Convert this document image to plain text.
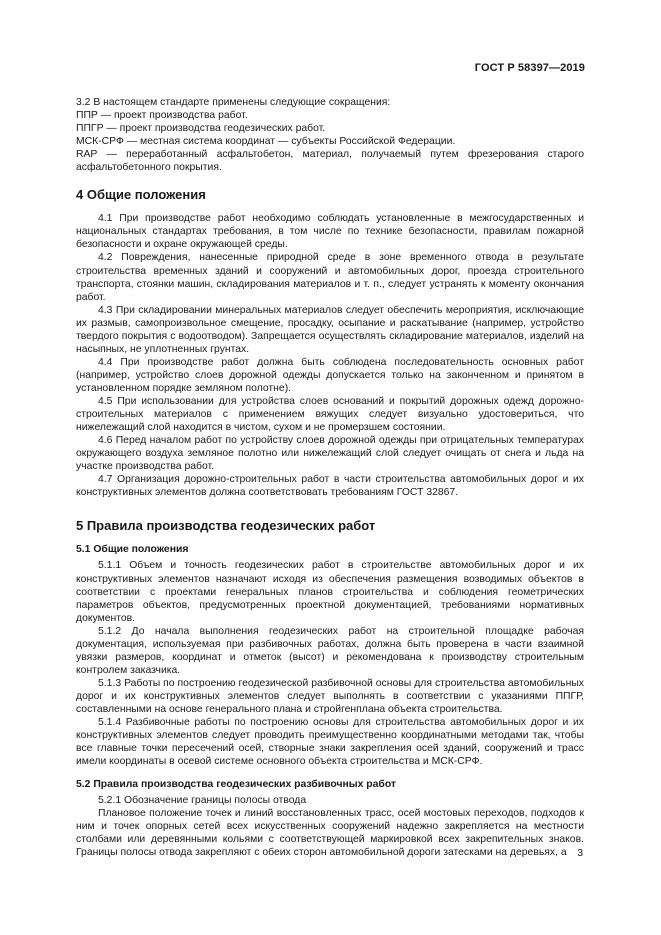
ГОСТ Р 58397—2019

3.2 В настоящем стандарте применены следующие сокращения:

ППР — проект производства работ.

ППГР — проект производства геодезических работ.

МСК-СРФ — местная система координат — субъекты Российской Федерации.

RAP — переработанный асфальтобетон, материал, получаемый путем фрезерования старого асфальтобетонного покрытия.

4 Общие положения

4.1 При производстве работ необходимо соблюдать установленные в межгосударственных и национальных стандартах требования, в том числе по технике безопасности, правилам пожарной безопасности и охране окружающей среды.

4.2 Повреждения, нанесенные природной среде в зоне временного отвода в результате строительства временных зданий и сооружений и автомобильных дорог, проезда строительного транспорта, стоянки машин, складирования материалов и т. п., следует устранять к моменту окончания работ.

4.3 При складировании минеральных материалов следует обеспечить мероприятия, исключающие их размыв, самопроизвольное смещение, просадку, осыпание и раскатывание (например, устройство твердого покрытия с водоотводом). Запрещается осуществлять складирование материалов, изделий на насыпных, не уплотненных грунтах.

4.4 При производстве работ должна быть соблюдена последовательность основных работ (например, устройство слоев дорожной одежды допускается только на законченном и принятом в установленном порядке земляном полотне).

4.5 При использовании для устройства слоев оснований и покрытий дорожных одежд дорожно-строительных материалов с применением вяжущих следует визуально удостовериться, что нижележащий слой находится в чистом, сухом и не промерзшем состоянии.

4.6 Перед началом работ по устройству слоев дорожной одежды при отрицательных температурах окружающего воздуха земляное полотно или нижележащий слой следует очищать от снега и льда на участке производства работ.

4.7 Организация дорожно-строительных работ в части строительства автомобильных дорог и их конструктивных элементов должна соответствовать требованиям ГОСТ 32867.

5 Правила производства геодезических работ
5.1 Общие положения

5.1.1 Объем и точность геодезических работ в строительстве автомобильных дорог и их конструктивных элементов назначают исходя из обеспечения размещения возводимых объектов в соответствии с проектами генеральных планов строительства и соблюдения геометрических параметров объектов, предусмотренных проектной документацией, требованиями нормативных документов.

5.1.2 До начала выполнения геодезических работ на строительной площадке рабочая документация, используемая при разбивочных работах, должна быть проверена в части взаимной увязки размеров, координат и отметок (высот) и рекомендована к производству строительным контролем заказчика.

5.1.3 Работы по построению геодезической разбивочной основы для строительства автомобильных дорог и их конструктивных элементов следует выполнять в соответствии с указаниями ППГР, составленными на основе генерального плана и стройгенплана объекта строительства.

5.1.4 Разбивочные работы по построению основы для строительства автомобильных дорог и их конструктивных элементов следует проводить преимущественно координатными методами так, чтобы все главные точки пересечений осей, створные знаки закрепления осей зданий, сооружений и трасс имели координаты в осевой системе основного объекта строительства и МСК-СРФ.

5.2 Правила производства геодезических разбивочных работ

5.2.1 Обозначение границы полосы отвода

Плановое положение точек и линий восстановленных трасс, осей мостовых переходов, подходов к ним и точек опорных сетей всех искусственных сооружений надежно закрепляется на местности столбами или деревянными кольями с соответствующей маркировкой всех закрепительных знаков. Границы полосы отвода закрепляют с обеих сторон автомобильной дороги затесками на деревьях, а	3
